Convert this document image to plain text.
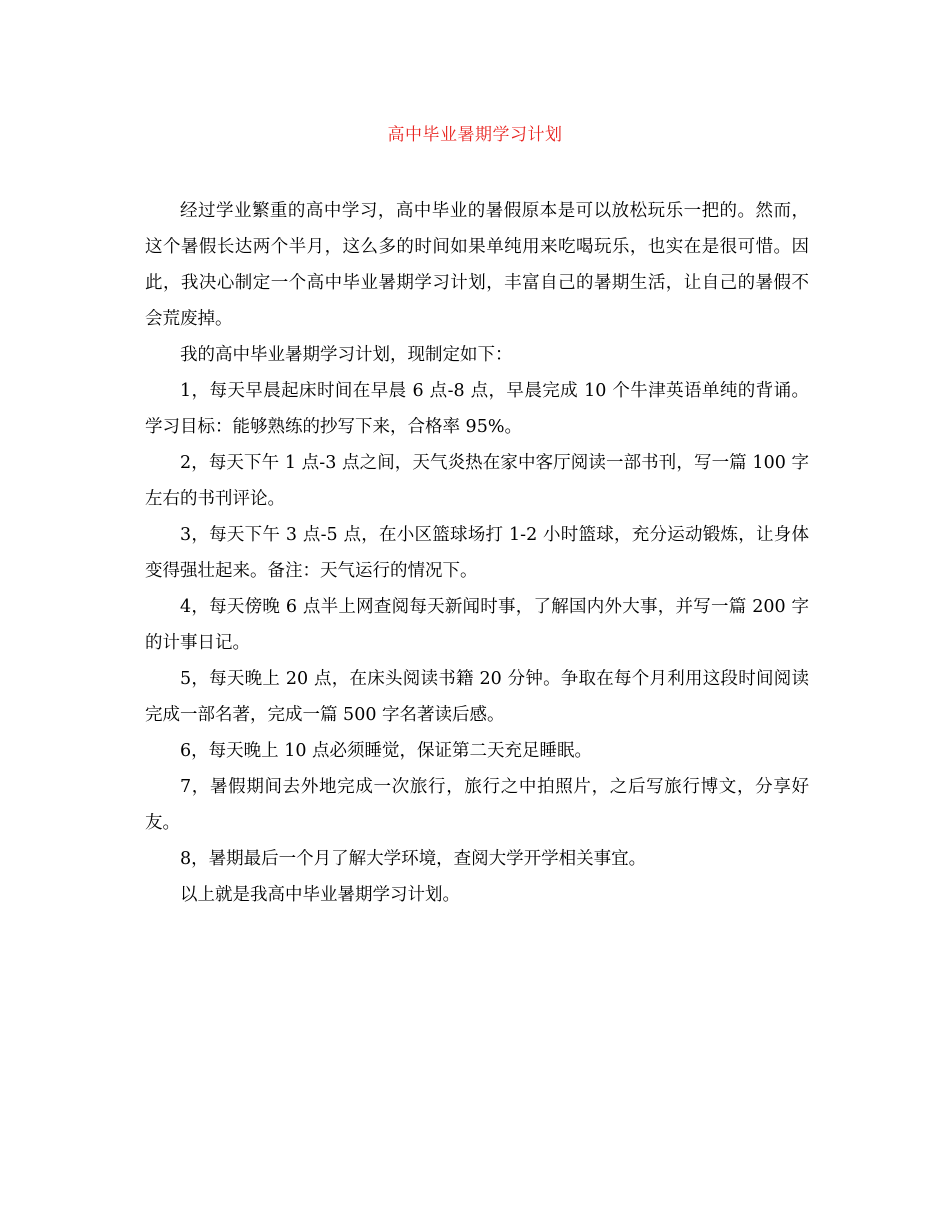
高中毕业暑期学习计划

经过学业繁重的高中学习，高中毕业的暑假原本是可以放松玩乐一把的。然而，这个暑假长达两个半月，这么多的时间如果单纯用来吃喝玩乐，也实在是很可惜。因此，我决心制定一个高中毕业暑期学习计划，丰富自己的暑期生活，让自己的暑假不会荒废掉。

我的高中毕业暑期学习计划，现制定如下：

1，每天早晨起床时间在早晨 6 点-8 点，早晨完成 10 个牛津英语单纯的背诵。学习目标：能够熟练的抄写下来，合格率 95%。

2，每天下午 1 点-3 点之间，天气炎热在家中客厅阅读一部书刊，写一篇 100 字左右的书刊评论。

3，每天下午 3 点-5 点，在小区篮球场打 1-2 小时篮球，充分运动锻炼，让身体变得强壮起来。备注：天气运行的情况下。

4，每天傍晚 6 点半上网查阅每天新闻时事，了解国内外大事，并写一篇 200 字的计事日记。

5，每天晚上 20 点，在床头阅读书籍 20 分钟。争取在每个月利用这段时间阅读完成一部名著，完成一篇 500 字名著读后感。

6，每天晚上 10 点必须睡觉，保证第二天充足睡眠。

7，暑假期间去外地完成一次旅行，旅行之中拍照片，之后写旅行博文，分享好友。

8，暑期最后一个月了解大学环境，查阅大学开学相关事宜。

以上就是我高中毕业暑期学习计划。
